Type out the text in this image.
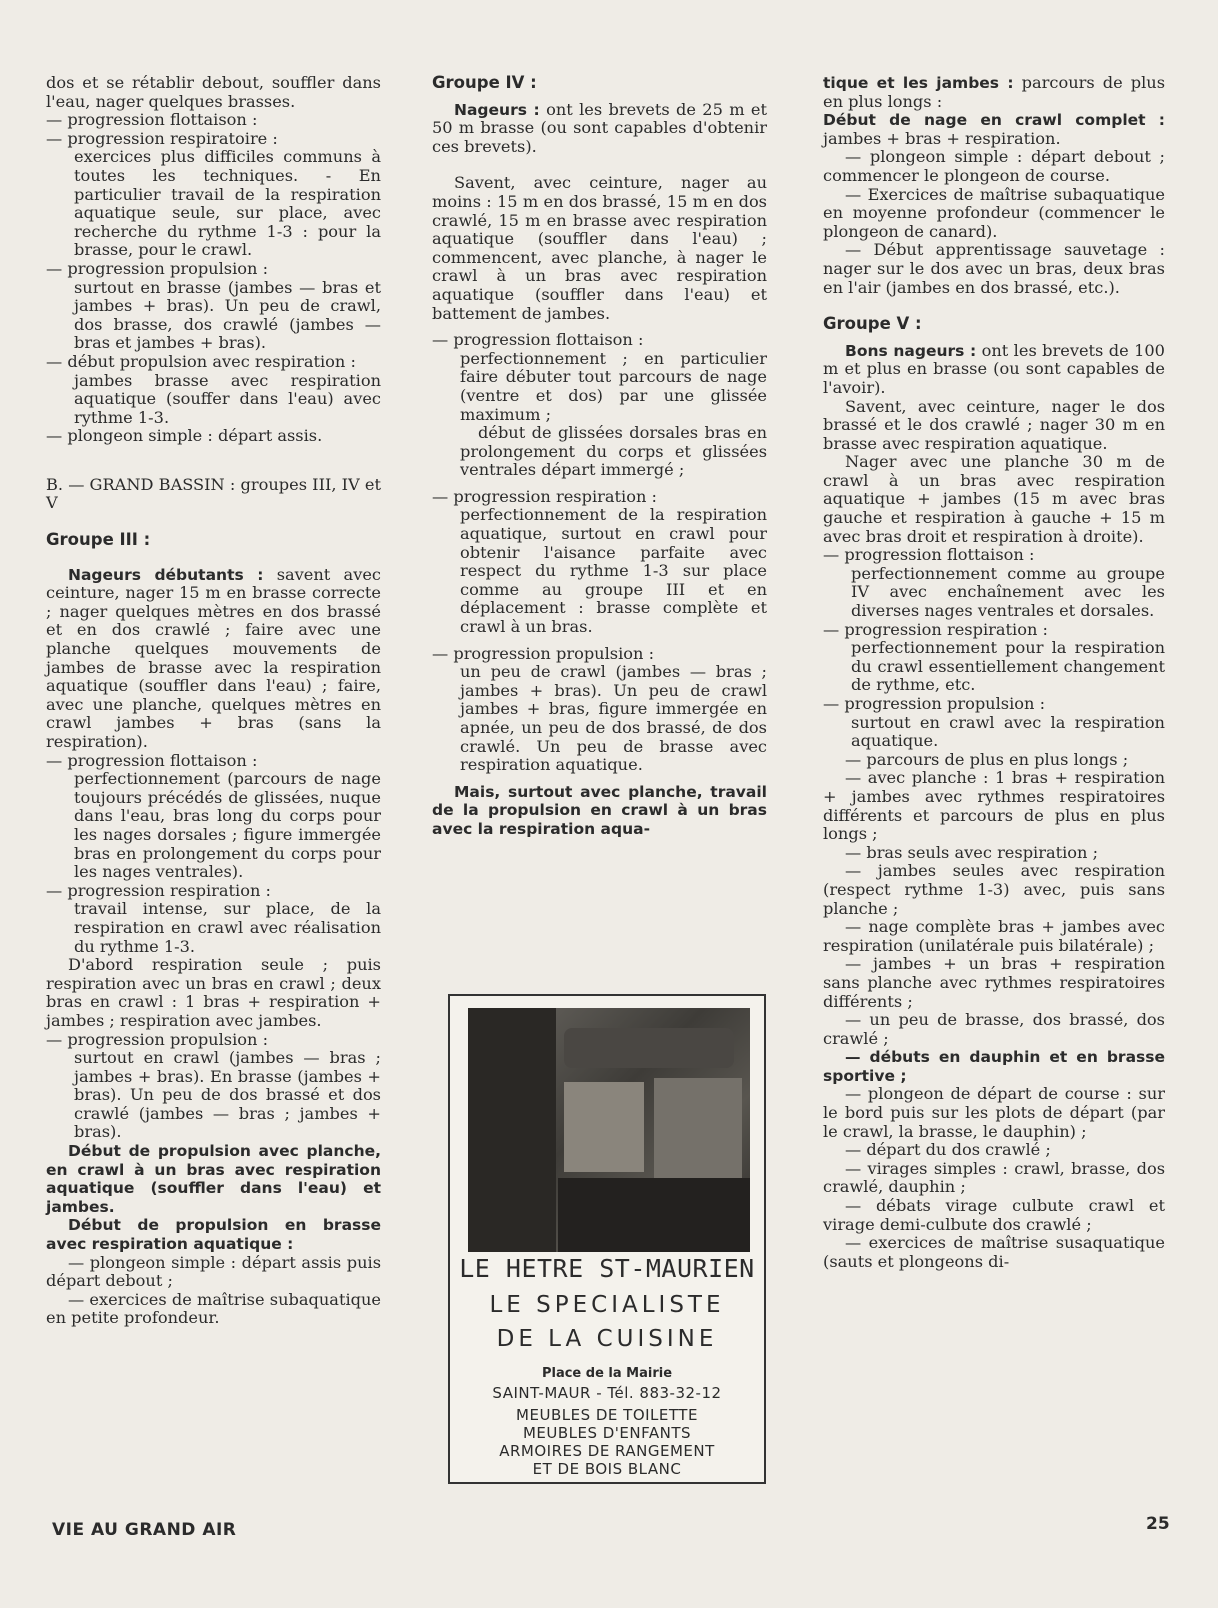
dos et se rétablir debout, souffler dans l'eau, nager quelques brasses.

— progression flottaison :

— progression respiratoire :

exercices plus difficiles communs à toutes les techniques. - En particulier travail de la respiration aquatique seule, sur place, avec recherche du rythme 1-3 : pour la brasse, pour le crawl.

— progression propulsion :

surtout en brasse (jambes — bras et jambes + bras). Un peu de crawl, dos brasse, dos crawlé (jambes — bras et jambes + bras).

— début propulsion avec respiration :

jambes brasse avec respiration aquatique (souffer dans l'eau) avec rythme 1-3.

— plongeon simple : départ assis.

B. — GRAND BASSIN : groupes III, IV et V

Groupe III :

Nageurs débutants : savent avec ceinture, nager 15 m en brasse correcte ; nager quelques mètres en dos brassé et en dos crawlé ; faire avec une planche quelques mouvements de jambes de brasse avec la respiration aquatique (souffler dans l'eau) ; faire, avec une planche, quelques mètres en crawl jambes + bras (sans la respiration).

— progression flottaison :

perfectionnement (parcours de nage toujours précédés de glissées, nuque dans l'eau, bras long du corps pour les nages dorsales ; figure immergée bras en prolongement du corps pour les nages ventrales).

— progression respiration :

travail intense, sur place, de la respiration en crawl avec réalisation du rythme 1-3.

D'abord respiration seule ; puis respiration avec un bras en crawl ; deux bras en crawl : 1 bras + respiration + jambes ; respiration avec jambes.

— progression propulsion :

surtout en crawl (jambes — bras ; jambes + bras). En brasse (jambes + bras). Un peu de dos brassé et dos crawlé (jambes — bras ; jambes + bras).

Début de propulsion avec planche, en crawl à un bras avec respiration aquatique (souffler dans l'eau) et jambes.

Début de propulsion en brasse avec respiration aquatique :

— plongeon simple : départ assis puis départ debout ;

— exercices de maîtrise subaquatique en petite profondeur.

Groupe IV :

Nageurs : ont les brevets de 25 m et 50 m brasse (ou sont capables d'obtenir ces brevets).

Savent, avec ceinture, nager au moins : 15 m en dos brassé, 15 m en dos crawlé, 15 m en brasse avec respiration aquatique (souffler dans l'eau) ; commencent, avec planche, à nager le crawl à un bras avec respiration aquatique (souffler dans l'eau) et battement de jambes.

— progression flottaison :

perfectionnement ; en particulier faire débuter tout parcours de nage (ventre et dos) par une glissée maximum ;

début de glissées dorsales bras en prolongement du corps et glissées ventrales départ immergé ;

— progression respiration :

perfectionnement de la respiration aquatique, surtout en crawl pour obtenir l'aisance parfaite avec respect du rythme 1-3 sur place comme au groupe III et en déplacement : brasse complète et crawl à un bras.

— progression propulsion :

un peu de crawl (jambes — bras ; jambes + bras). Un peu de crawl jambes + bras, figure immergée en apnée, un peu de dos brassé, de dos crawlé. Un peu de brasse avec respiration aquatique.

Mais, surtout avec planche, travail de la propulsion en crawl à un bras avec la respiration aqua-

LE HETRE ST-MAURIEN
LE SPECIALISTE
DE LA CUISINE
Place de la Mairie
SAINT-MAUR - Tél. 883-32-12
MEUBLES DE TOILETTE
MEUBLES D'ENFANTS
ARMOIRES DE RANGEMENT
ET DE BOIS BLANC

tique et les jambes : parcours de plus en plus longs :

Début de nage en crawl complet : jambes + bras + respiration.

— plongeon simple : départ debout ; commencer le plongeon de course.

— Exercices de maîtrise subaquatique en moyenne profondeur (commencer le plongeon de canard).

— Début apprentissage sauvetage : nager sur le dos avec un bras, deux bras en l'air (jambes en dos brassé, etc.).

Groupe V :

Bons nageurs : ont les brevets de 100 m et plus en brasse (ou sont capables de l'avoir).

Savent, avec ceinture, nager le dos brassé et le dos crawlé ; nager 30 m en brasse avec respiration aquatique.

Nager avec une planche 30 m de crawl à un bras avec respiration aquatique + jambes (15 m avec bras gauche et respiration à gauche + 15 m avec bras droit et respiration à droite).

— progression flottaison :

perfectionnement comme au groupe IV avec enchaînement avec les diverses nages ventrales et dorsales.

— progression respiration :

perfectionnement pour la respiration du crawl essentiellement changement de rythme, etc.

— progression propulsion :

surtout en crawl avec la respiration aquatique.

— parcours de plus en plus longs ;

— avec planche : 1 bras + respiration + jambes avec rythmes respiratoires différents et parcours de plus en plus longs ;

— bras seuls avec respiration ;

— jambes seules avec respiration (respect rythme 1-3) avec, puis sans planche ;

— nage complète bras + jambes avec respiration (unilatérale puis bilatérale) ;

— jambes + un bras + respiration sans planche avec rythmes respiratoires différents ;

— un peu de brasse, dos brassé, dos crawlé ;

— débuts en dauphin et en brasse sportive ;

— plongeon de départ de course : sur le bord puis sur les plots de départ (par le crawl, la brasse, le dauphin) ;

— départ du dos crawlé ;

— virages simples : crawl, brasse, dos crawlé, dauphin ;

— débats virage culbute crawl et virage demi-culbute dos crawlé ;

— exercices de maîtrise susaquatique (sauts et plongeons di-

VIE AU GRAND AIR	25
